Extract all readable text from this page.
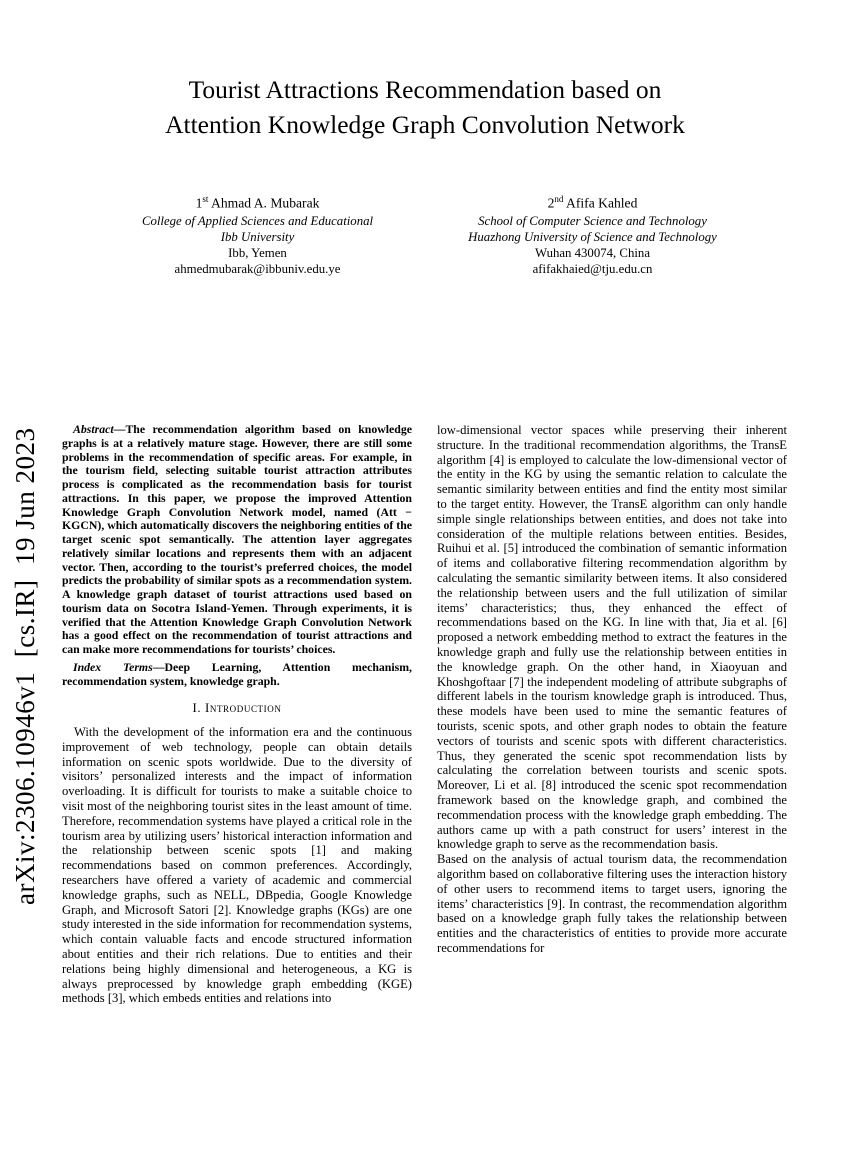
arXiv:2306.10946v1  [cs.IR]  19 Jun 2023
Tourist Attractions Recommendation based on
Attention Knowledge Graph Convolution Network
1st Ahmad A. Mubarak
College of Applied Sciences and Educational
Ibb University
Ibb, Yemen
ahmedmubarak@ibbuniv.edu.ye
2nd Afifa Kahled
School of Computer Science and Technology
Huazhong University of Science and Technology
Wuhan 430074, China
afifakhaied@tju.edu.cn

Abstract—The recommendation algorithm based on knowledge graphs is at a relatively mature stage. However, there are still some problems in the recommendation of specific areas. For example, in the tourism field, selecting suitable tourist attraction attributes process is complicated as the recommendation basis for tourist attractions. In this paper, we propose the improved Attention Knowledge Graph Convolution Network model, named (Att − KGCN), which automatically discovers the neighboring entities of the target scenic spot semantically. The attention layer aggregates relatively similar locations and represents them with an adjacent vector. Then, according to the tourist’s preferred choices, the model predicts the probability of similar spots as a recommendation system. A knowledge graph dataset of tourist attractions used based on tourism data on Socotra Island-Yemen. Through experiments, it is verified that the Attention Knowledge Graph Convolution Network has a good effect on the recommendation of tourist attractions and can make more recommendations for tourists’ choices.

Index Terms—Deep Learning, Attention mechanism, recommendation system, knowledge graph.

I. Introduction

With the development of the information era and the continuous improvement of web technology, people can obtain details information on scenic spots worldwide. Due to the diversity of visitors’ personalized interests and the impact of information overloading. It is difficult for tourists to make a suitable choice to visit most of the neighboring tourist sites in the least amount of time. Therefore, recommendation systems have played a critical role in the tourism area by utilizing users’ historical interaction information and the relationship between scenic spots [1] and making recommendations based on common preferences. Accordingly, researchers have offered a variety of academic and commercial knowledge graphs, such as NELL, DBpedia, Google Knowledge Graph, and Microsoft Satori [2]. Knowledge graphs (KGs) are one study interested in the side information for recommendation systems, which contain valuable facts and encode structured information about entities and their rich relations. Due to entities and their relations being highly dimensional and heterogeneous, a KG is always preprocessed by knowledge graph embedding (KGE) methods [3], which embeds entities and relations into

low-dimensional vector spaces while preserving their inherent structure. In the traditional recommendation algorithms, the TransE algorithm [4] is employed to calculate the low-dimensional vector of the entity in the KG by using the semantic relation to calculate the semantic similarity between entities and find the entity most similar to the target entity. However, the TransE algorithm can only handle simple single relationships between entities, and does not take into consideration of the multiple relations between entities. Besides, Ruihui et al. [5] introduced the combination of semantic information of items and collaborative filtering recommendation algorithm by calculating the semantic similarity between items. It also considered the relationship between users and the full utilization of similar items’ characteristics; thus, they enhanced the effect of recommendations based on the KG. In line with that, Jia et al. [6] proposed a network embedding method to extract the features in the knowledge graph and fully use the relationship between entities in the knowledge graph. On the other hand, in Xiaoyuan and Khoshgoftaar [7] the independent modeling of attribute subgraphs of different labels in the tourism knowledge graph is introduced. Thus, these models have been used to mine the semantic features of tourists, scenic spots, and other graph nodes to obtain the feature vectors of tourists and scenic spots with different characteristics. Thus, they generated the scenic spot recommendation lists by calculating the correlation between tourists and scenic spots. Moreover, Li et al. [8] introduced the scenic spot recommendation framework based on the knowledge graph, and combined the recommendation process with the knowledge graph embedding. The authors came up with a path construct for users’ interest in the knowledge graph to serve as the recommendation basis.

Based on the analysis of actual tourism data, the recommendation algorithm based on collaborative filtering uses the interaction history of other users to recommend items to target users, ignoring the items’ characteristics [9]. In contrast, the recommendation algorithm based on a knowledge graph fully takes the relationship between entities and the characteristics of entities to provide more accurate recommendations for
